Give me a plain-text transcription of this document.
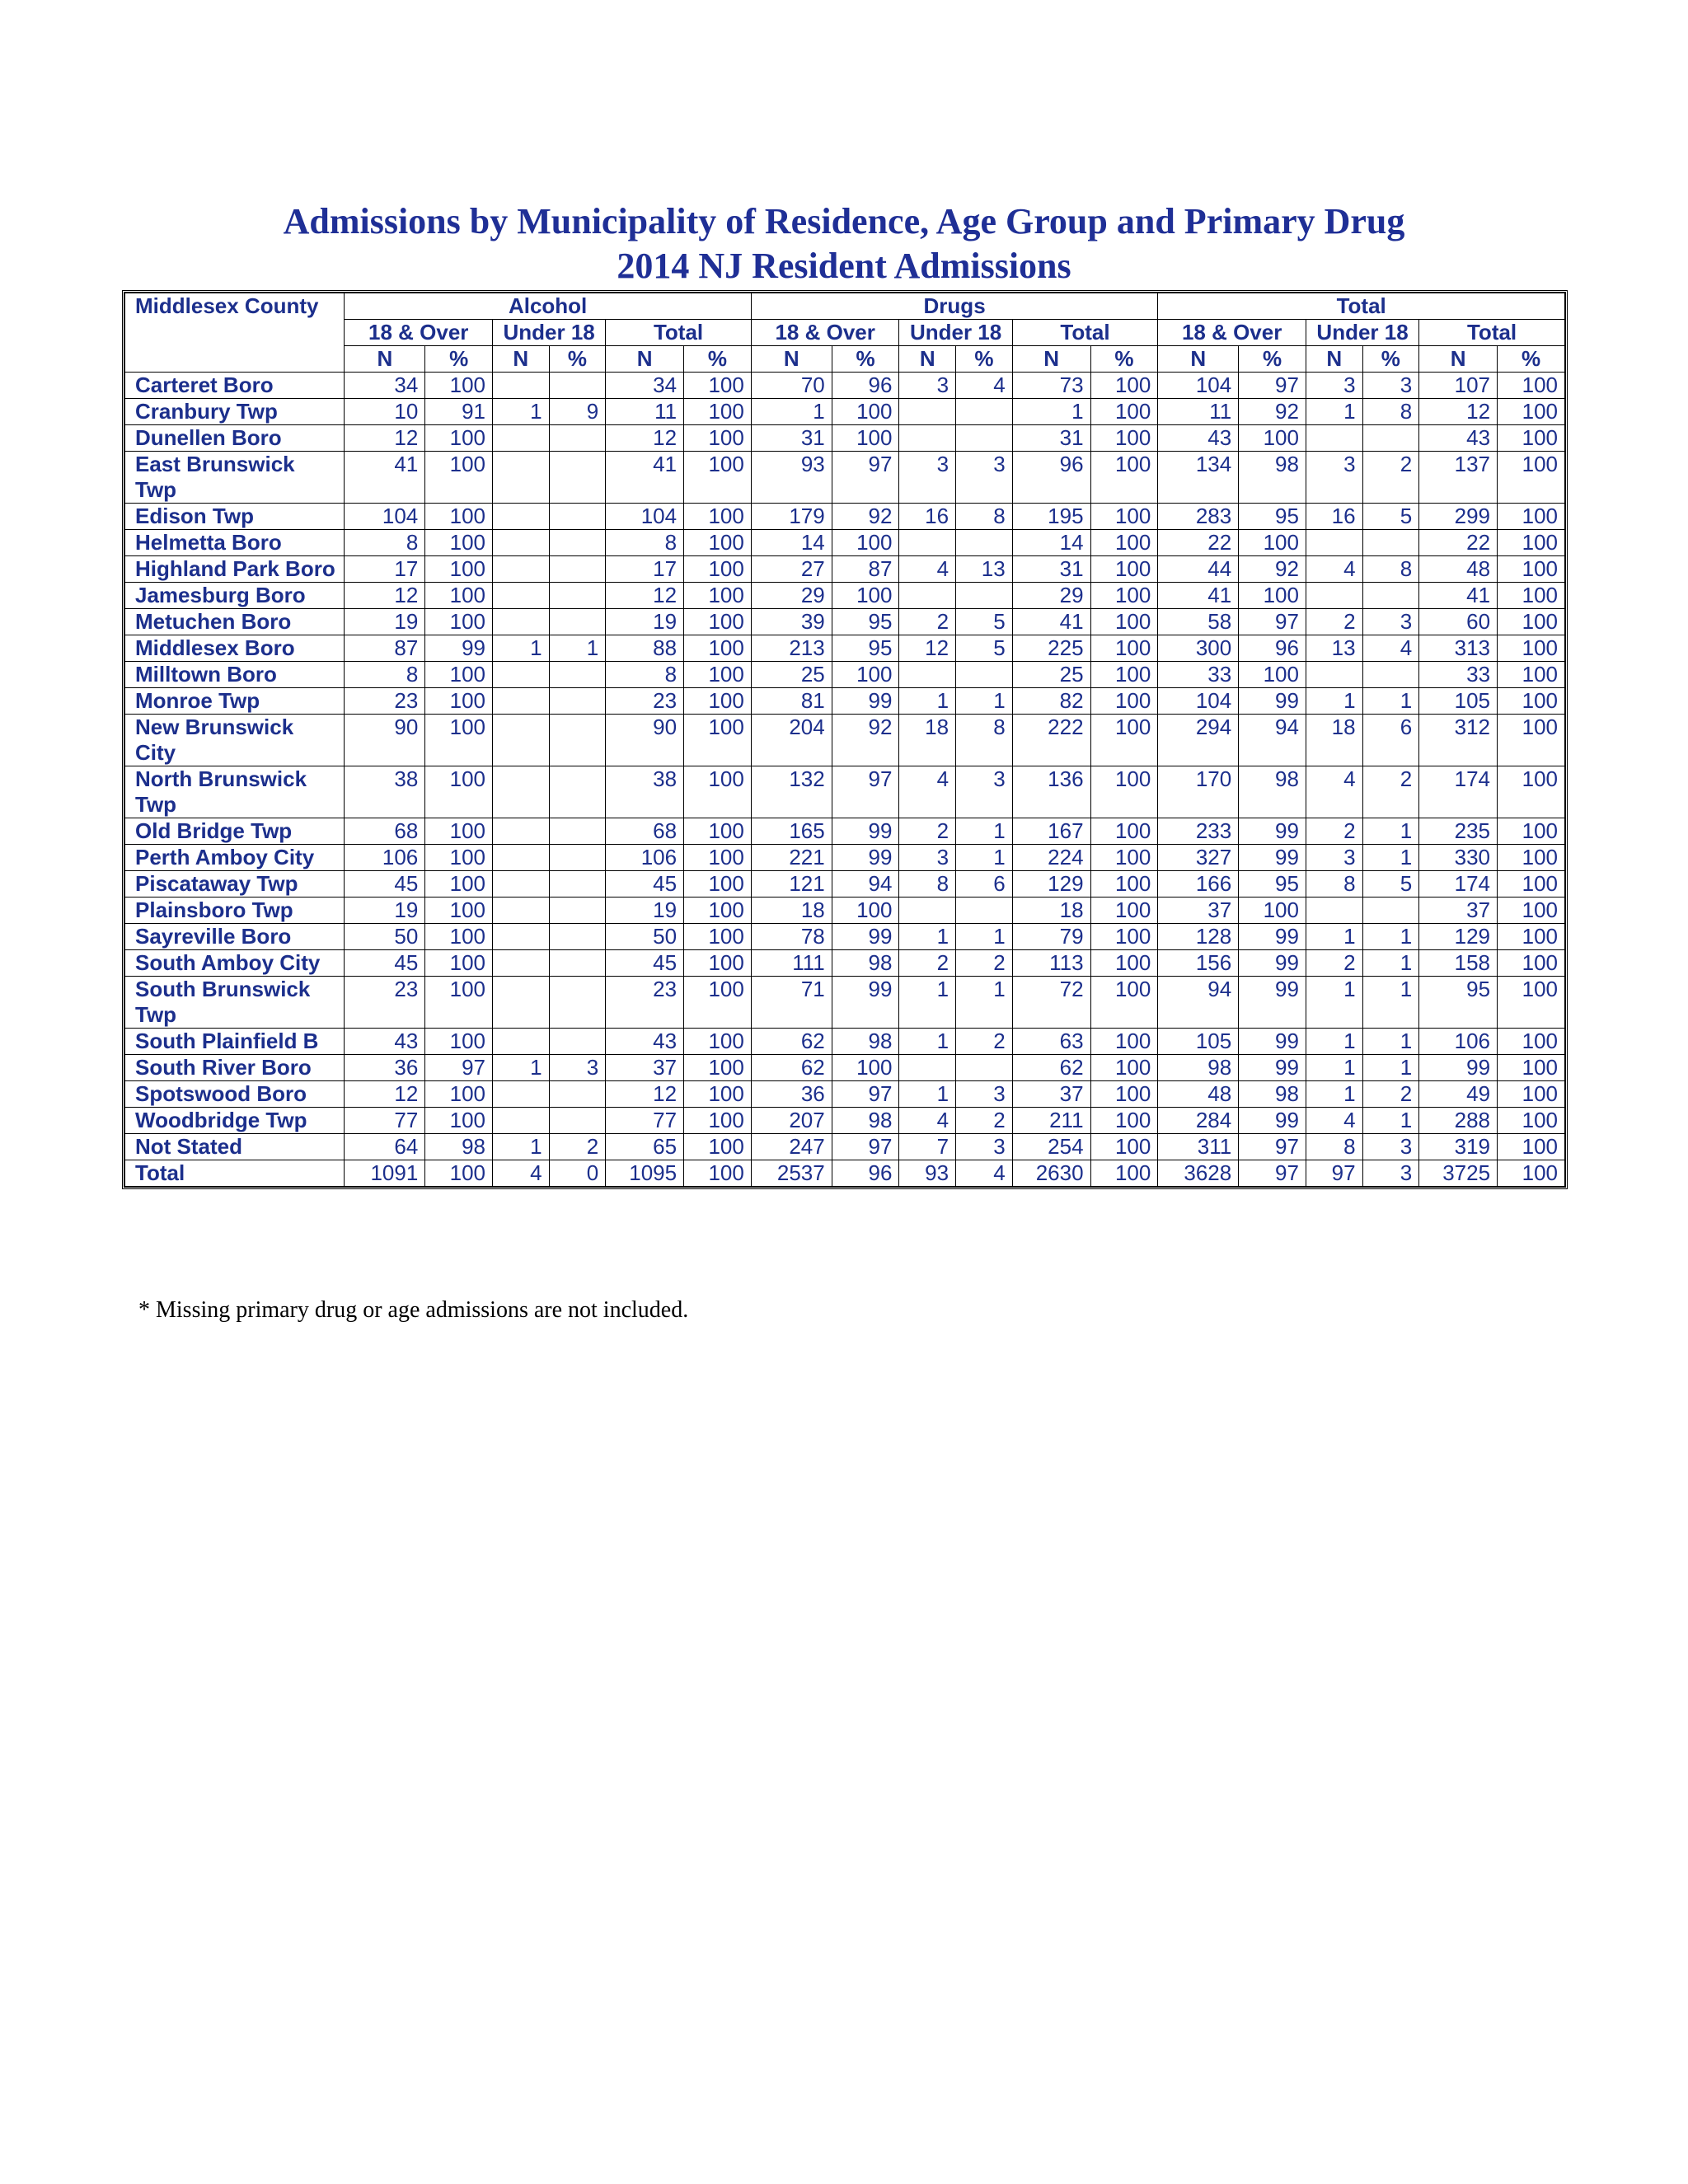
Admissions by Municipality of Residence, Age Group and Primary Drug
2014 NJ Resident Admissions
Middlesex County	Alcohol						Drugs						Total					
	18 & Over		Under 18		Total		18 & Over		Under 18		Total		18 & Over		Under 18		Total	
	N	%	N	%	N	%	N	%	N	%	N	%	N	%	N	%	N	%
Carteret Boro	34	100			34	100	70	96	3	4	73	100	104	97	3	3	107	100
Cranbury Twp	10	91	1	9	11	100	1	100			1	100	11	92	1	8	12	100
Dunellen Boro	12	100			12	100	31	100			31	100	43	100			43	100
East Brunswick Twp	41	100			41	100	93	97	3	3	96	100	134	98	3	2	137	100
Edison Twp	104	100			104	100	179	92	16	8	195	100	283	95	16	5	299	100
Helmetta Boro	8	100			8	100	14	100			14	100	22	100			22	100
Highland Park Boro	17	100			17	100	27	87	4	13	31	100	44	92	4	8	48	100
Jamesburg Boro	12	100			12	100	29	100			29	100	41	100			41	100
Metuchen Boro	19	100			19	100	39	95	2	5	41	100	58	97	2	3	60	100
Middlesex Boro	87	99	1	1	88	100	213	95	12	5	225	100	300	96	13	4	313	100
Milltown Boro	8	100			8	100	25	100			25	100	33	100			33	100
Monroe Twp	23	100			23	100	81	99	1	1	82	100	104	99	1	1	105	100
New Brunswick City	90	100			90	100	204	92	18	8	222	100	294	94	18	6	312	100
North Brunswick Twp	38	100			38	100	132	97	4	3	136	100	170	98	4	2	174	100
Old Bridge Twp	68	100			68	100	165	99	2	1	167	100	233	99	2	1	235	100
Perth Amboy City	106	100			106	100	221	99	3	1	224	100	327	99	3	1	330	100
Piscataway Twp	45	100			45	100	121	94	8	6	129	100	166	95	8	5	174	100
Plainsboro Twp	19	100			19	100	18	100			18	100	37	100			37	100
Sayreville Boro	50	100			50	100	78	99	1	1	79	100	128	99	1	1	129	100
South Amboy City	45	100			45	100	111	98	2	2	113	100	156	99	2	1	158	100
South Brunswick Twp	23	100			23	100	71	99	1	1	72	100	94	99	1	1	95	100
South Plainfield B	43	100			43	100	62	98	1	2	63	100	105	99	1	1	106	100
South River Boro	36	97	1	3	37	100	62	100			62	100	98	99	1	1	99	100
Spotswood Boro	12	100			12	100	36	97	1	3	37	100	48	98	1	2	49	100
Woodbridge Twp	77	100			77	100	207	98	4	2	211	100	284	99	4	1	288	100
Not Stated	64	98	1	2	65	100	247	97	7	3	254	100	311	97	8	3	319	100
Total	1091	100	4	0	1095	100	2537	96	93	4	2630	100	3628	97	97	3	3725	100

* Missing primary drug or age admissions are not included.
